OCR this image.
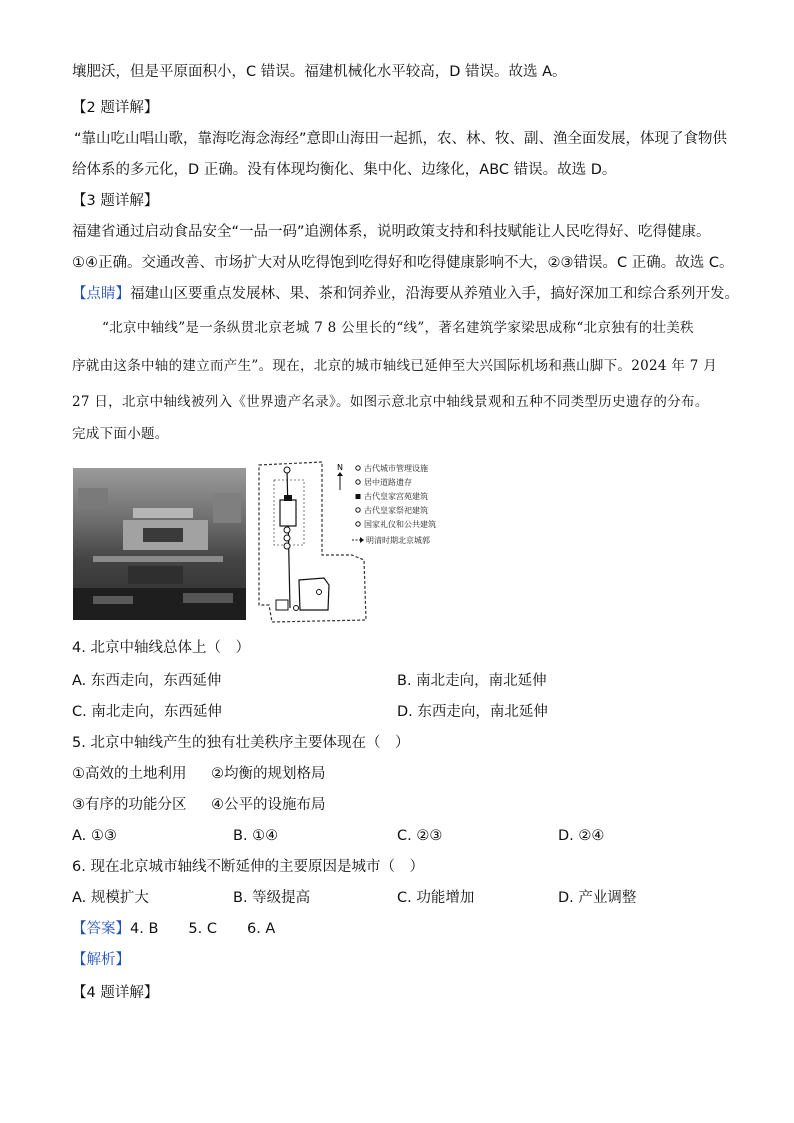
壤肥沃，但是平原面积小，C 错误。福建机械化水平较高，D 错误。故选 A。
【2 题详解】
“靠山吃山唱山歌，靠海吃海念海经”意即山海田一起抓，农、林、牧、副、渔全面发展，体现了食物供
给体系的多元化，D 正确。没有体现均衡化、集中化、边缘化，ABC 错误。故选 D。
【3 题详解】
福建省通过启动食品安全“一品一码”追溯体系，说明政策支持和科技赋能让人民吃得好、吃得健康。
①④正确。交通改善、市场扩大对从吃得饱到吃得好和吃得健康影响不大，②③错误。C 正确。故选 C。
【点睛】福建山区要重点发展林、果、茶和饲养业，沿海要从养殖业入手，搞好深加工和综合系列开发。
“北京中轴线”是一条纵贯北京老城 7 8 公里长的“线”，著名建筑学家梁思成称“北京独有的壮美秩
序就由这条中轴的建立而产生”。现在，北京的城市轴线已延伸至大兴国际机场和燕山脚下。2024 年 7 月
27 日，北京中轴线被列入《世界遗产名录》。如图示意北京中轴线景观和五种不同类型历史遗存的分布。
完成下面小题。
N	古代城市管理设施
居中道路遗存
古代皇家宫苑建筑
古代皇家祭祀建筑
国家礼仪和公共建筑
明清时期北京城郭
4. 北京中轴线总体上（　）
A. 东西走向，东西延伸	B. 南北走向，南北延伸
C. 南北走向，东西延伸	D. 东西走向，南北延伸
5. 北京中轴线产生的独有壮美秩序主要体现在（　）
①高效的土地利用 ②均衡的规划格局
③有序的功能分区 ④公平的设施布局
A. ①③	B. ①④	C. ②③	D. ②④
6. 现在北京城市轴线不断延伸的主要原因是城市（　）
A. 规模扩大	B. 等级提高	C. 功能增加	D. 产业调整
【答案】4. B 5. C 6. A
【解析】
【4 题详解】
